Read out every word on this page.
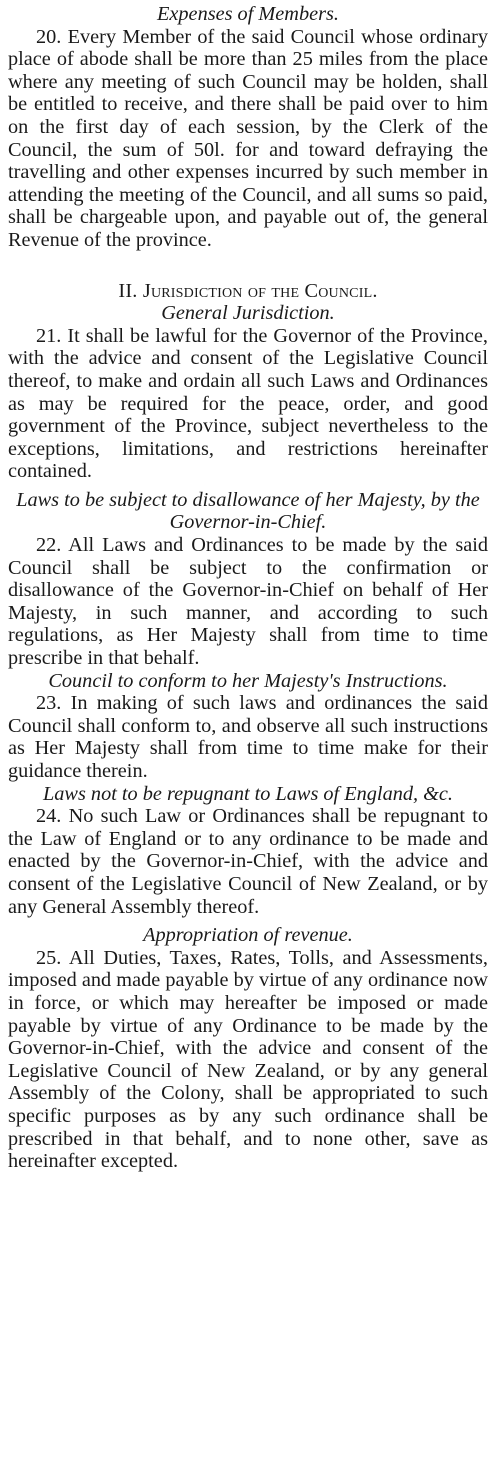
Expenses of Members.

20. Every Member of the said Council whose ordinary place of abode shall be more than 25 miles from the place where any meeting of such Council may be holden, shall be entitled to receive, and there shall be paid over to him on the first day of each session, by the Clerk of the Council, the sum of 50l. for and toward defraying the travelling and other expenses incurred by such member in attending the meeting of the Council, and all sums so paid, shall be chargeable upon, and payable out of, the general Revenue of the province.

II. Jurisdiction of the Council.
General Jurisdiction.

21. It shall be lawful for the Governor of the Province, with the advice and consent of the Legislative Council thereof, to make and ordain all such Laws and Ordinances as may be required for the peace, order, and good government of the Province, subject nevertheless to the exceptions, limitations, and restrictions hereinafter contained.

Laws to be subject to disallowance of her Majesty, by the Governor-in-Chief.

22. All Laws and Ordinances to be made by the said Council shall be subject to the confirmation or disallowance of the Governor-in-Chief on behalf of Her Majesty, in such manner, and according to such regulations, as Her Majesty shall from time to time prescribe in that behalf.

Council to conform to her Majesty's Instructions.

23. In making of such laws and ordinances the said Council shall conform to, and observe all such instructions as Her Majesty shall from time to time make for their guidance therein.

Laws not to be repugnant to Laws of England, &c.

24. No such Law or Ordinances shall be repugnant to the Law of England or to any ordinance to be made and enacted by the Governor-in-Chief, with the advice and consent of the Legislative Council of New Zealand, or by any General Assembly thereof.

Appropriation of revenue.

25. All Duties, Taxes, Rates, Tolls, and Assessments, imposed and made payable by virtue of any ordinance now in force, or which may hereafter be imposed or made payable by virtue of any Ordinance to be made by the Governor-in-Chief, with the advice and consent of the Legislative Council of New Zealand, or by any general Assembly of the Colony, shall be appropriated to such specific purposes as by any such ordinance shall be prescribed in that behalf, and to none other, save as hereinafter excepted.
